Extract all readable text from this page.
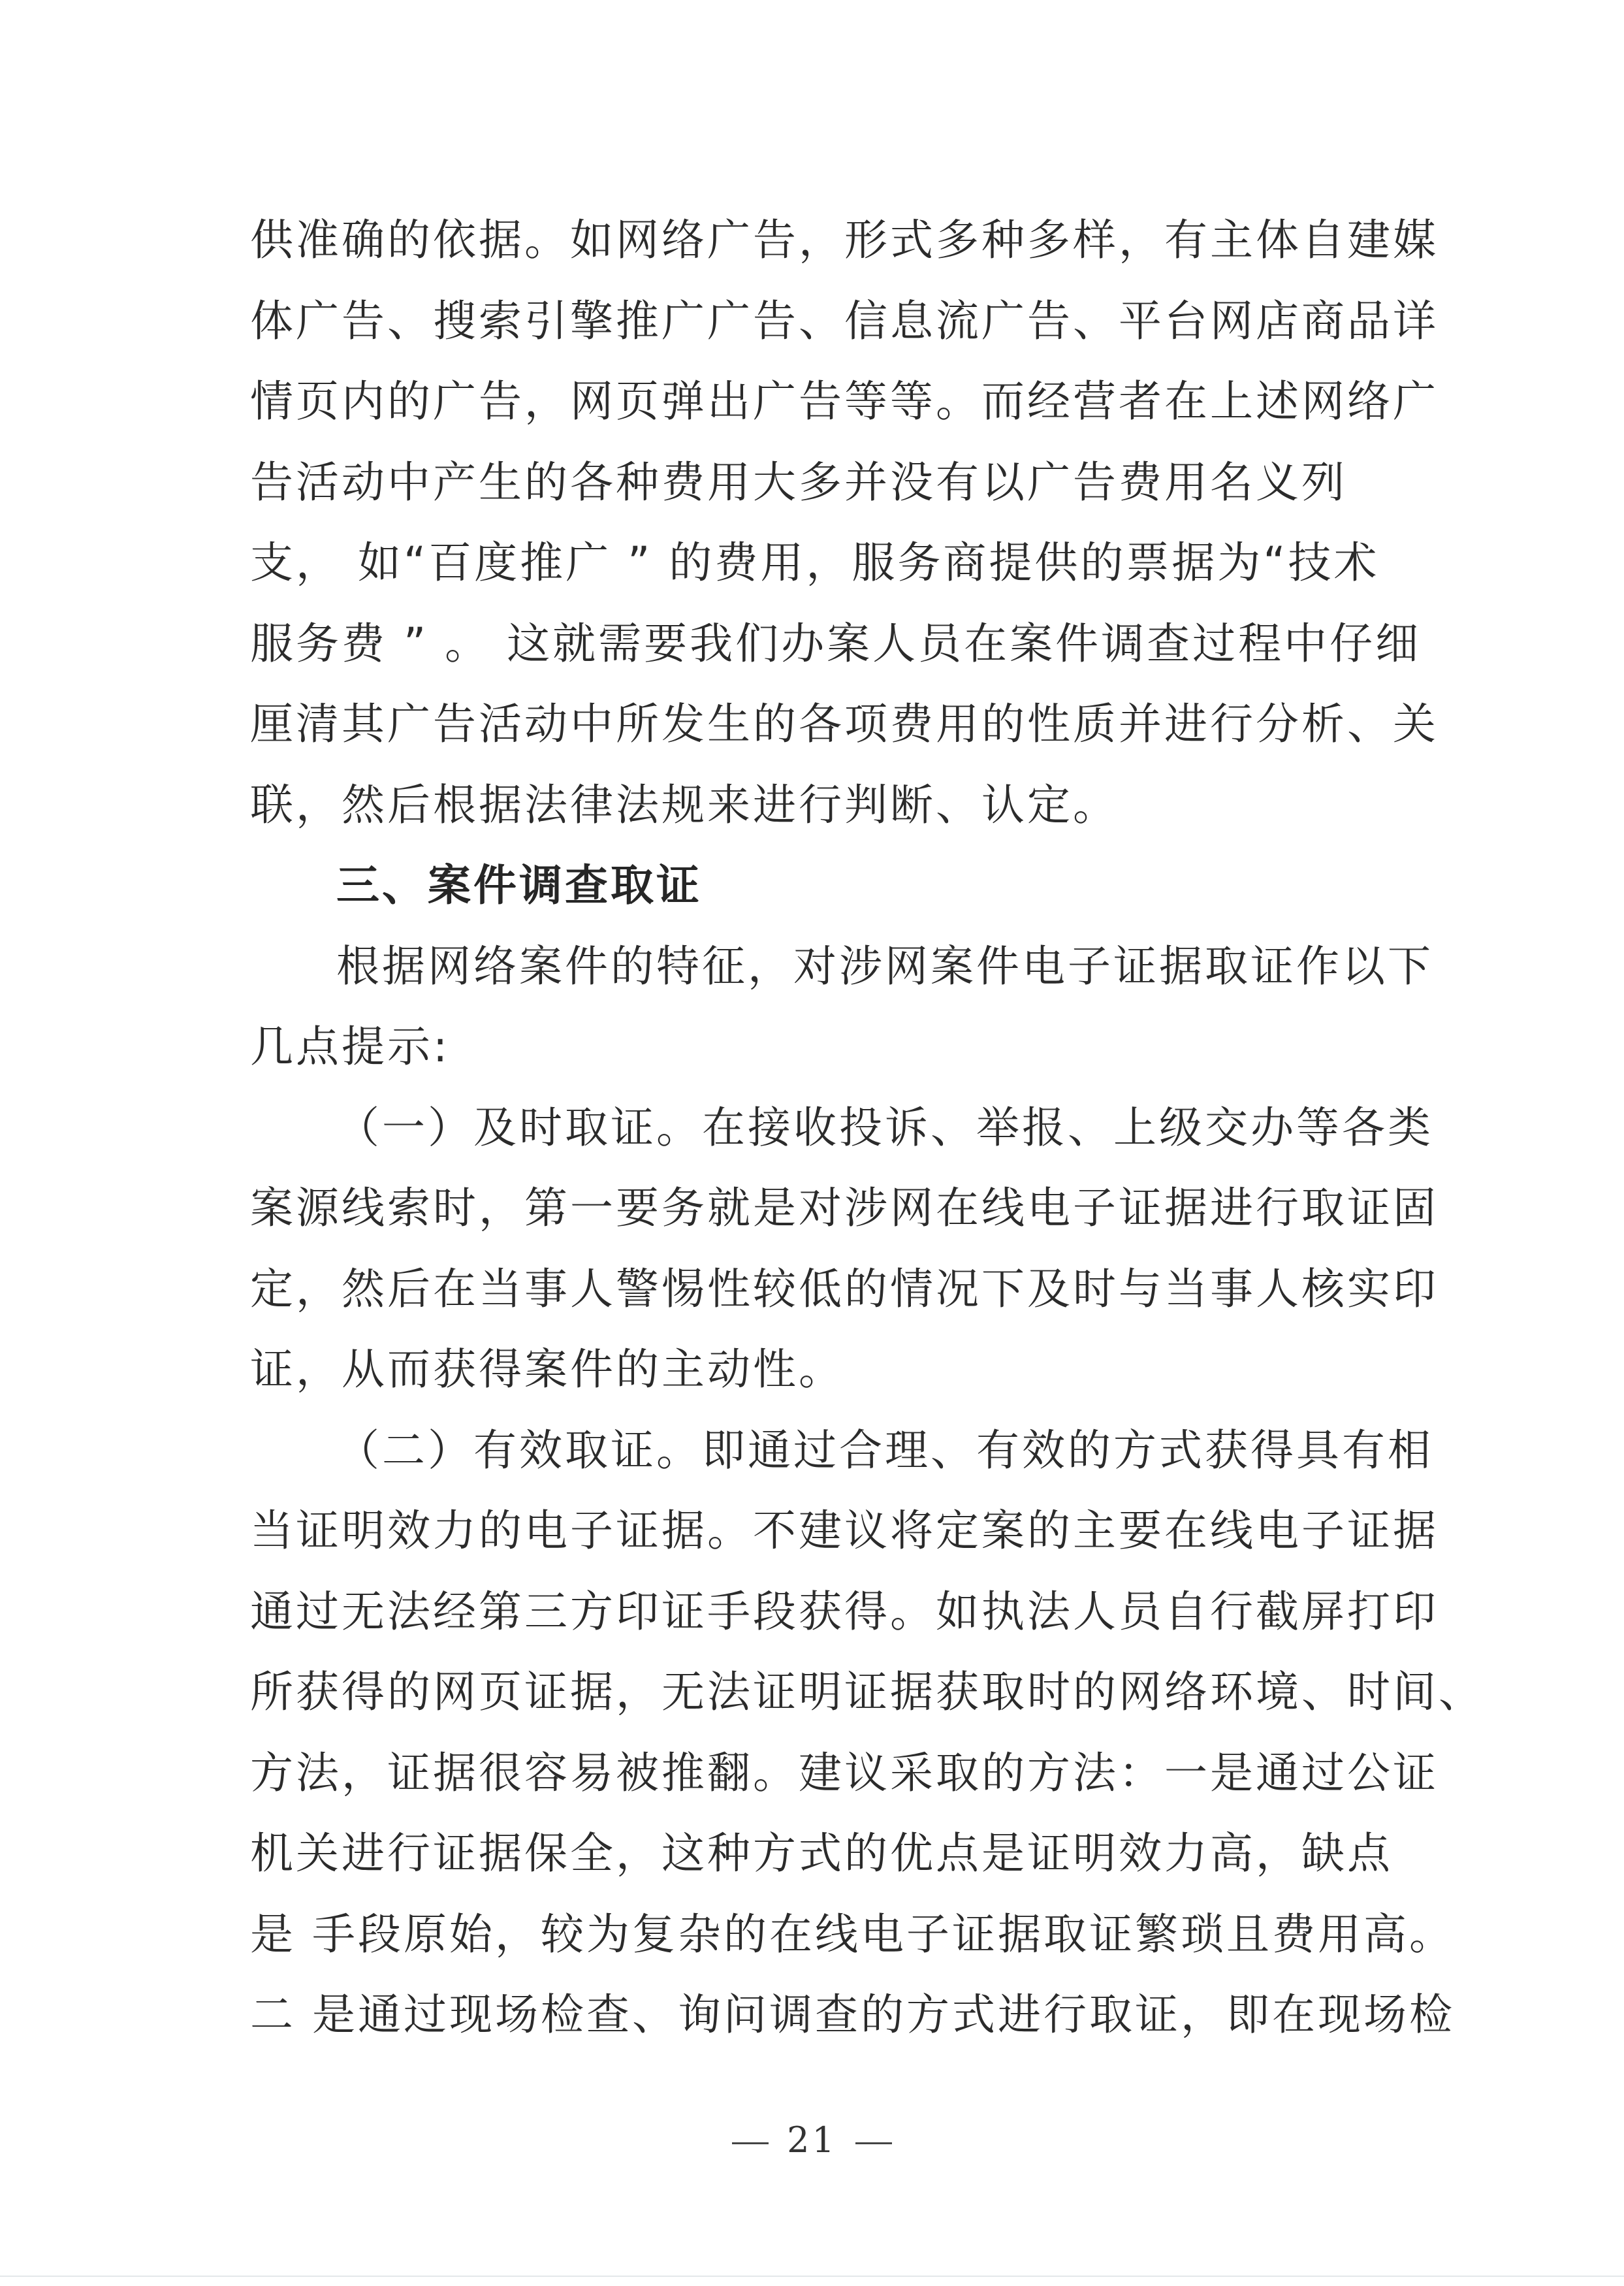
供准确的依据。如网络广告，形式多种多样，有主体自建媒
体广告、搜索引擎推广广告、信息流广告、平台网店商品详
情页内的广告，网页弹出广告等等。而经营者在上述网络广
告活动中产生的各种费用大多并没有以广告费用名义列
支， 如“百度推广 ” 的费用，服务商提供的票据为“技术
服务费 ” 。 这就需要我们办案人员在案件调查过程中仔细
厘清其广告活动中所发生的各项费用的性质并进行分析、关
联，然后根据法律法规来进行判断、认定。
三、案件调查取证
根据网络案件的特征，对涉网案件电子证据取证作以下
几点提示:
（一）及时取证。在接收投诉、举报、上级交办等各类
案源线索时，第一要务就是对涉网在线电子证据进行取证固
定，然后在当事人警惕性较低的情况下及时与当事人核实印
证，从而获得案件的主动性。
（二）有效取证。即通过合理、有效的方式获得具有相
当证明效力的电子证据。不建议将定案的主要在线电子证据
通过无法经第三方印证手段获得。如执法人员自行截屏打印
所获得的网页证据，无法证明证据获取时的网络环境、时间、
方法，证据很容易被推翻。建议采取的方法：一是通过公证
机关进行证据保全，这种方式的优点是证明效力高，缺点
是 手段原始，较为复杂的在线电子证据取证繁琐且费用高。
二 是通过现场检查、询问调查的方式进行取证，即在现场检
21
